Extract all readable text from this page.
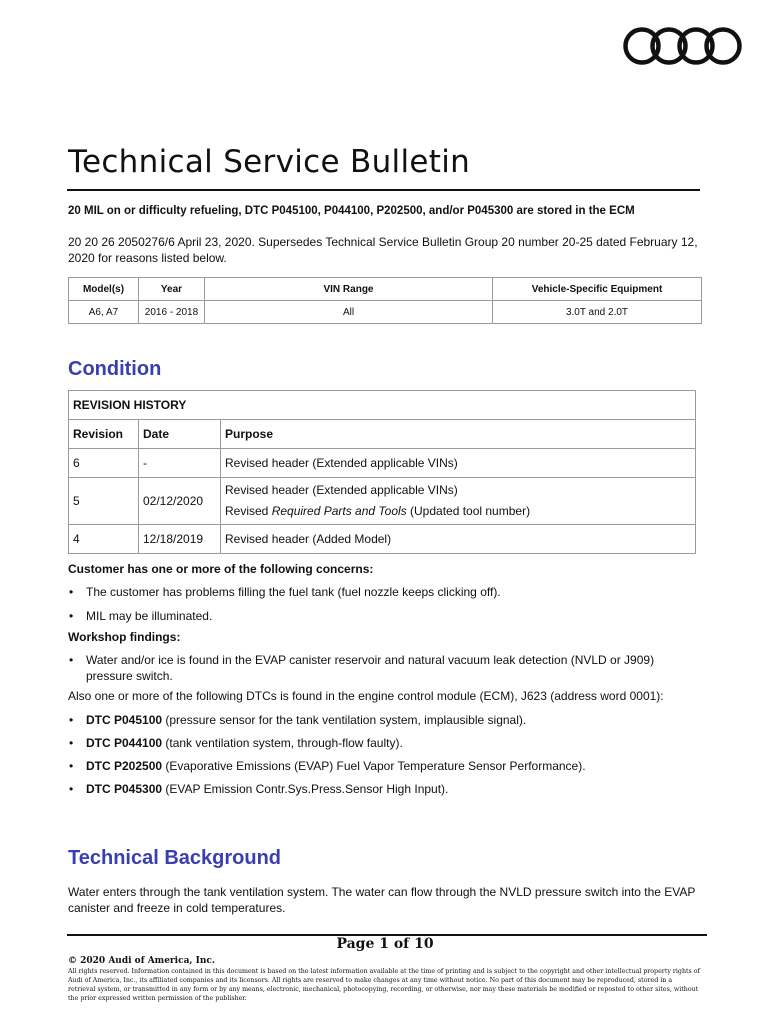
Technical Service Bulletin
20 MIL on or difficulty refueling, DTC P045100, P044100, P202500, and/or P045300 are stored in the ECM
20 20 26 2050276/6 April 23, 2020. Supersedes Technical Service Bulletin Group 20 number 20-25 dated February 12, 2020 for reasons listed below.
Model(s)	Year	VIN Range	Vehicle-Specific Equipment
A6, A7	2016 - 2018	All	3.0T and 2.0T
Condition
REVISION HISTORY		
Revision	Date	Purpose
6	-	Revised header (Extended applicable VINs)
5	02/12/2020	Revised header (Extended applicable VINs)
Revised Required Parts and Tools (Updated tool number)

4	12/18/2019	Revised header (Added Model)
Customer has one or more of the following concerns:
• The customer has problems filling the fuel tank (fuel nozzle keeps clicking off).
• MIL may be illuminated.
Workshop findings:
• Water and/or ice is found in the EVAP canister reservoir and natural vacuum leak detection (NVLD or J909) pressure switch.
Also one or more of the following DTCs is found in the engine control module (ECM), J623 (address word 0001):
• DTC P045100 (pressure sensor for the tank ventilation system, implausible signal).
• DTC P044100 (tank ventilation system, through-flow faulty).
• DTC P202500 (Evaporative Emissions (EVAP) Fuel Vapor Temperature Sensor Performance).
• DTC P045300 (EVAP Emission Contr.Sys.Press.Sensor High Input).
Technical Background
Water enters through the tank ventilation system. The water can flow through the NVLD pressure switch into the EVAP canister and freeze in cold temperatures.
Page 1 of 10
© 2020 Audi of America, Inc.
All rights reserved. Information contained in this document is based on the latest information available at the time of printing and is subject to the copyright and other intellectual property rights of Audi of America, Inc., its affiliated companies and its licensors. All rights are reserved to make changes at any time without notice. No part of this document may be reproduced, stored in a retrieval system, or transmitted in any form or by any means, electronic, mechanical, photocopying, recording, or otherwise, nor may these materials be modified or reposted to other sites, without the prior expressed written permission of the publisher.
